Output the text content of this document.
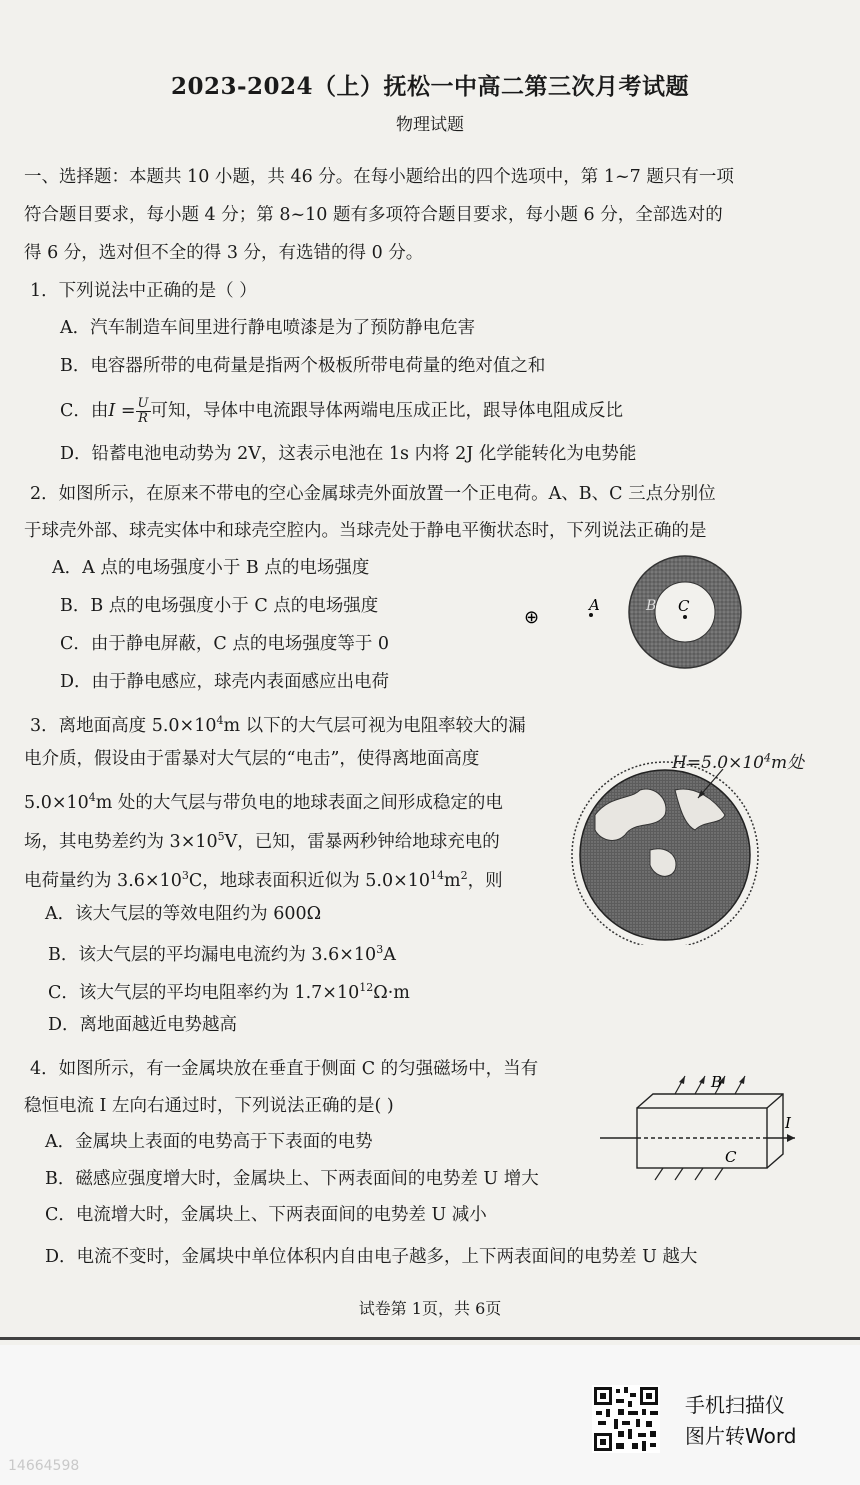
2023-2024（上）抚松一中高二第三次月考试题
物理试题
一、选择题：本题共 10 小题，共 46 分。在每小题给出的四个选项中，第 1~7 题只有一项
符合题目要求，每小题 4 分；第 8~10 题有多项符合题目要求，每小题 6 分，全部选对的
得 6 分，选对但不全的得 3 分，有选错的得 0 分。
1．下列说法中正确的是（ ）
A．汽车制造车间里进行静电喷漆是为了预防静电危害
B．电容器所带的电荷量是指两个极板所带电荷量的绝对值之和
C．由$I = \frac{U}{R}$ 可知，导体中电流跟导体两端电压成正比，跟导体电阻成反比
D．铅蓄电池电动势为 2V，这表示电池在 1s 内将 2J 化学能转化为电势能
2．如图所示，在原来不带电的空心金属球壳外面放置一个正电荷。A、B、C 三点分别位
于球壳外部、球壳实体中和球壳空腔内。当球壳处于静电平衡状态时，下列说法正确的是
A．A 点的电场强度小于 B 点的电场强度
B．B 点的电场强度小于 C 点的电场强度
C．由于静电屏蔽，C 点的电场强度等于 0
D．由于静电感应，球壳内表面感应出电荷
A	B C
⊕
3．离地面高度 $5.0\times 10^4m$ 以下的大气层可视为电阻率较大的漏
电介质，假设由于雷暴对大气层的“电击”，使得离地面高度
$5.0\times 10^4m$ 处的大气层与带负电的地球表面之间形成稳定的电
场，其电势差约为 $3\times 10^5V$，已知，雷暴两秒钟给地球充电的
电荷量约为 $3.6\times 10^3C$，地球表面积近似为 $5.0\times 10^{14}m^2$，则
A．该大气层的等效电阻约为 600Ω
B．该大气层的平均漏电电流约为 $3.6\times 10^3A$
C．该大气层的平均电阻率约为 $1.7\times 10^{12}\Omega\cdot m$
D．离地面越近电势越高
$H=5.0\times 10^4m$处
4．如图所示，有一金属块放在垂直于侧面 C 的匀强磁场中，当有
稳恒电流 I 左向右通过时，下列说法正确的是( )
A．金属块上表面的电势高于下表面的电势
B．磁感应强度增大时，金属块上、下两表面间的电势差 U 增大
C．电流增大时，金属块上、下两表面间的电势差 U 减小
D．电流不变时，金属块中单位体积内自由电子越多，上下两表面间的电势差 U 越大
B
I
C
试卷第 1页，共 6页
手机扫描仪
图片转Word
14664598
